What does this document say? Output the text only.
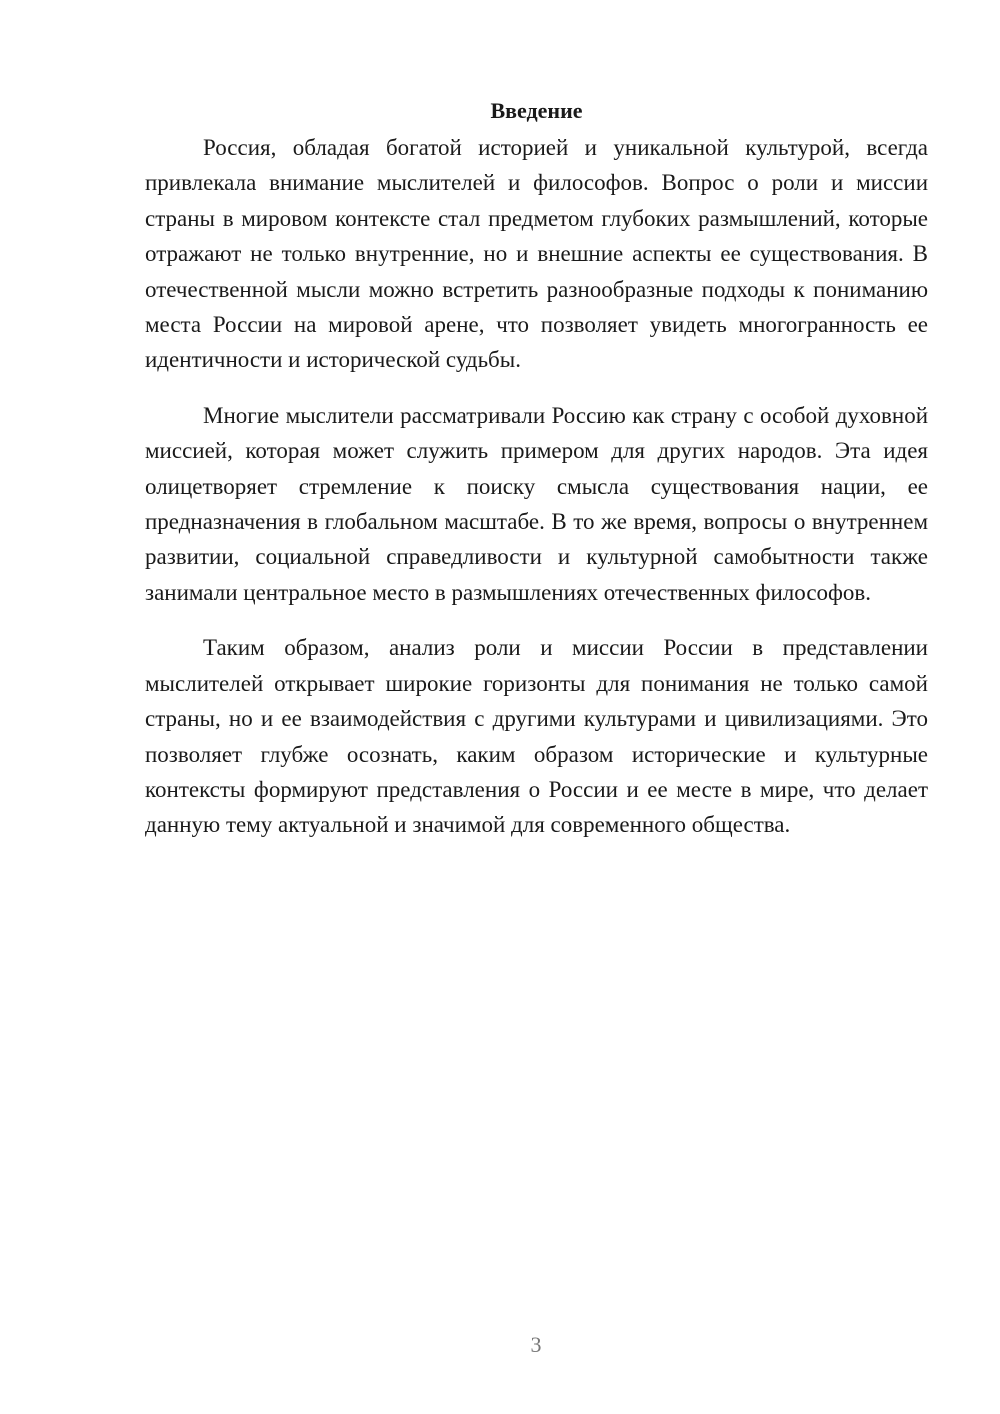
Введение

Россия, обладая богатой историей и уникальной культурой, всегда привлекала внимание мыслителей и философов. Вопрос о роли и миссии страны в мировом контексте стал предметом глубоких размышлений, которые отражают не только внутренние, но и внешние аспекты ее существования. В отечественной мысли можно встретить разнообразные подходы к пониманию места России на мировой арене, что позволяет увидеть многогранность ее идентичности и исторической судьбы.

Многие мыслители рассматривали Россию как страну с особой духовной миссией, которая может служить примером для других народов. Эта идея олицетворяет стремление к поиску смысла существования нации, ее предназначения в глобальном масштабе. В то же время, вопросы о внутреннем развитии, социальной справедливости и культурной самобытности также занимали центральное место в размышлениях отечественных философов.

Таким образом, анализ роли и миссии России в представлении мыслителей открывает широкие горизонты для понимания не только самой страны, но и ее взаимодействия с другими культурами и цивилизациями. Это позволяет глубже осознать, каким образом исторические и культурные контексты формируют представления о России и ее месте в мире, что делает данную тему актуальной и значимой для современного общества.

3
